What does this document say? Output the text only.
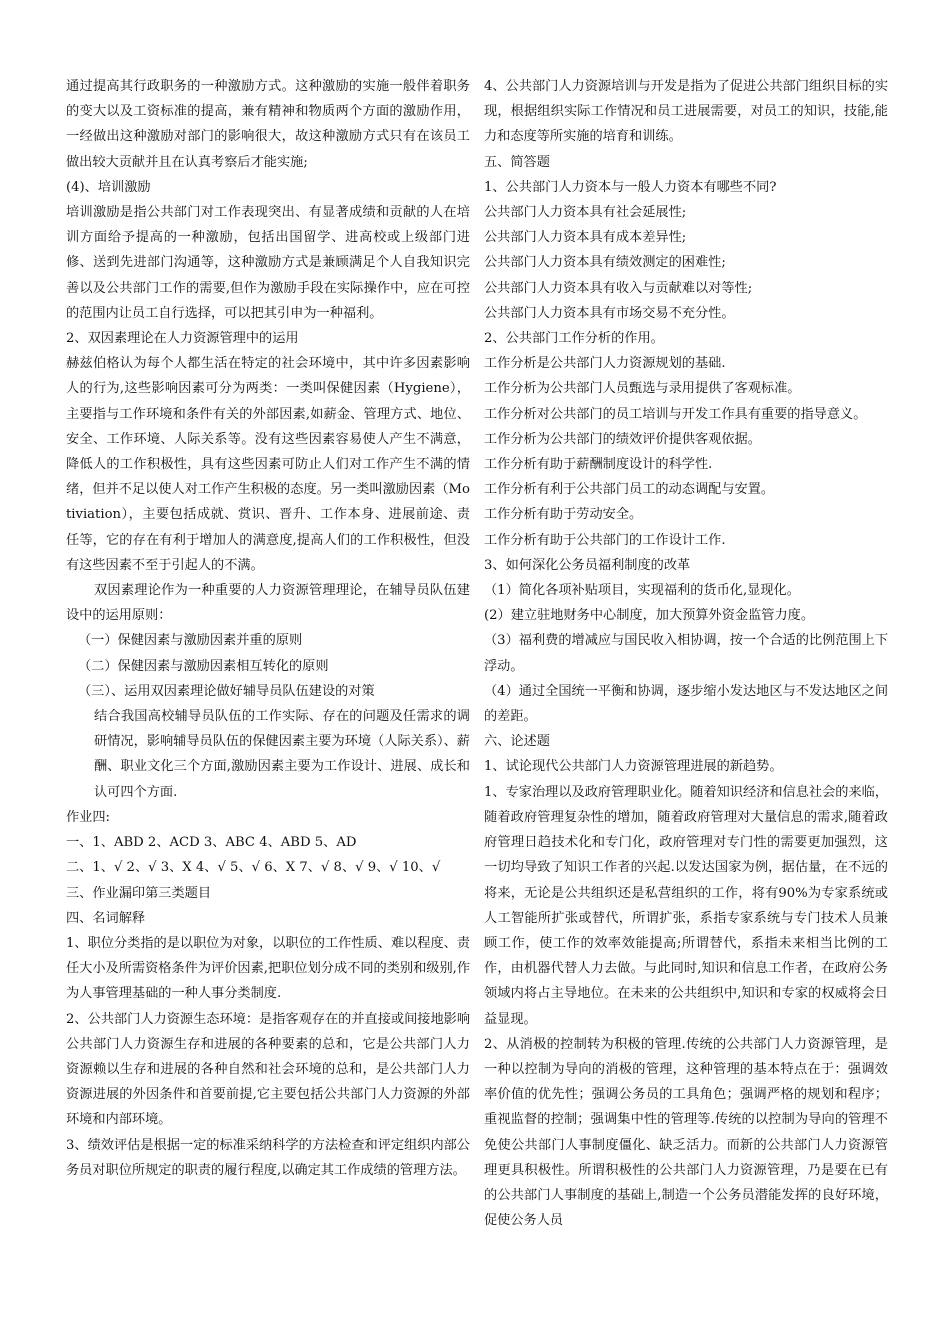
通过提高其行政职务的一种激励方式。这种激励的实施一般伴着职务的变大以及工资标准的提高，兼有精神和物质两个方面的激励作用，一经做出这种激励对部门的影响很大，故这种激励方式只有在该员工做出较大贡献并且在认真考察后才能实施;

(4)、培训激励

培训激励是指公共部门对工作表现突出、有显著成绩和贡献的人在培训方面给予提高的一种激励，包括出国留学、进高校或上级部门进修、送到先进部门沟通等，这种激励方式是兼顾满足个人自我知识完善以及公共部门工作的需要,但作为激励手段在实际操作中，应在可控的范围内让员工自行选择，可以把其引申为一种福利。

2、双因素理论在人力资源管理中的运用

赫兹伯格认为每个人都生活在特定的社会环境中，其中许多因素影响人的行为,这些影响因素可分为两类：一类叫保健因素（Hygiene），主要指与工作环境和条件有关的外部因素,如薪金、管理方式、地位、安全、工作环境、人际关系等。没有这些因素容易使人产生不满意，降低人的工作积极性，具有这些因素可防止人们对工作产生不满的情绪，但并不足以使人对工作产生积极的态度。另一类叫激励因素（Motiviation），主要包括成就、赏识、晋升、工作本身、进展前途、责任等，它的存在有利于增加人的满意度,提高人们的工作积极性，但没有这些因素不至于引起人的不满。

双因素理论作为一种重要的人力资源管理理论，在辅导员队伍建设中的运用原则：

（一）保健因素与激励因素并重的原则

（二）保健因素与激励因素相互转化的原则

（三）、运用双因素理论做好辅导员队伍建设的对策

结合我国高校辅导员队伍的工作实际、存在的问题及任需求的调研情况，影响辅导员队伍的保健因素主要为环境（人际关系）、薪酬、职业文化三个方面,激励因素主要为工作设计、进展、成长和认可四个方面.

作业四:

一、1、ABD 2、ACD 3、ABC 4、ABD 5、AD

二、1、√ 2、√ 3、X 4、√ 5、√ 6、X 7、√ 8、√ 9、√ 10、√

三、作业漏印第三类题目

四、名词解释

1、职位分类指的是以职位为对象，以职位的工作性质、难以程度、责任大小及所需资格条件为评价因素,把职位划分成不同的类别和级别,作为人事管理基础的一种人事分类制度.

2、公共部门人力资源生态环境：是指客观存在的并直接或间接地影响公共部门人力资源生存和进展的各种要素的总和，它是公共部门人力资源赖以生存和进展的各种自然和社会环境的总和，是公共部门人力资源进展的外因条件和首要前提,它主要包括公共部门人力资源的外部环境和内部环境。

3、绩效评估是根据一定的标准采纳科学的方法检查和评定组织内部公务员对职位所规定的职责的履行程度,以确定其工作成绩的管理方法。

4、公共部门人力资源培训与开发是指为了促进公共部门组织目标的实现，根据组织实际工作情况和员工进展需要，对员工的知识，技能,能力和态度等所实施的培育和训练。

五、简答题

1、公共部门人力资本与一般人力资本有哪些不同?

公共部门人力资本具有社会延展性;

公共部门人力资本具有成本差异性;

公共部门人力资本具有绩效测定的困难性;

公共部门人力资本具有收入与贡献难以对等性;

公共部门人力资本具有市场交易不充分性。

2、公共部门工作分析的作用。

工作分析是公共部门人力资源规划的基础.

工作分析为公共部门人员甄选与录用提供了客观标准。

工作分析对公共部门的员工培训与开发工作具有重要的指导意义。

工作分析为公共部门的绩效评价提供客观依据。

工作分析有助于薪酬制度设计的科学性.

工作分析有利于公共部门员工的动态调配与安置。

工作分析有助于劳动安全。

工作分析有助于公共部门的工作设计工作.

3、如何深化公务员福利制度的改革

（1）简化各项补贴项目，实现福利的货币化,显现化。

(2）建立驻地财务中心制度，加大预算外资金监管力度。

（3）福利费的增减应与国民收入相协调，按一个合适的比例范围上下浮动。

（4）通过全国统一平衡和协调，逐步缩小发达地区与不发达地区之间的差距。

六、论述题

1、试论现代公共部门人力资源管理进展的新趋势。

1、专家治理以及政府管理职业化。随着知识经济和信息社会的来临，随着政府管理复杂性的增加，随着政府管理对大量信息的需求,随着政府管理日趋技术化和专门化，政府管理对专门性的需要更加强烈，这一切均导致了知识工作者的兴起.以发达国家为例，据估量，在不远的将来，无论是公共组织还是私营组织的工作，将有90%为专家系统或人工智能所扩张或替代，所谓扩张，系指专家系统与专门技术人员兼顾工作，使工作的效率效能提高;所谓替代，系指未来相当比例的工作，由机器代替人力去做。与此同时,知识和信息工作者，在政府公务领域内将占主导地位。在未来的公共组织中,知识和专家的权威将会日益显现。

2、从消极的控制转为积极的管理.传统的公共部门人力资源管理，是一种以控制为导向的消极的管理，这种管理的基本特点在于：强调效率价值的优先性；强调公务员的工具角色；强调严格的规划和程序；重视监督的控制；强调集中性的管理等.传统的以控制为导向的管理不免使公共部门人事制度僵化、缺乏活力。而新的公共部门人力资源管理更具积极性。所谓积极性的公共部门人力资源管理，乃是要在已有的公共部门人事制度的基础上,制造一个公务员潜能发挥的良好环境，促使公务人员
